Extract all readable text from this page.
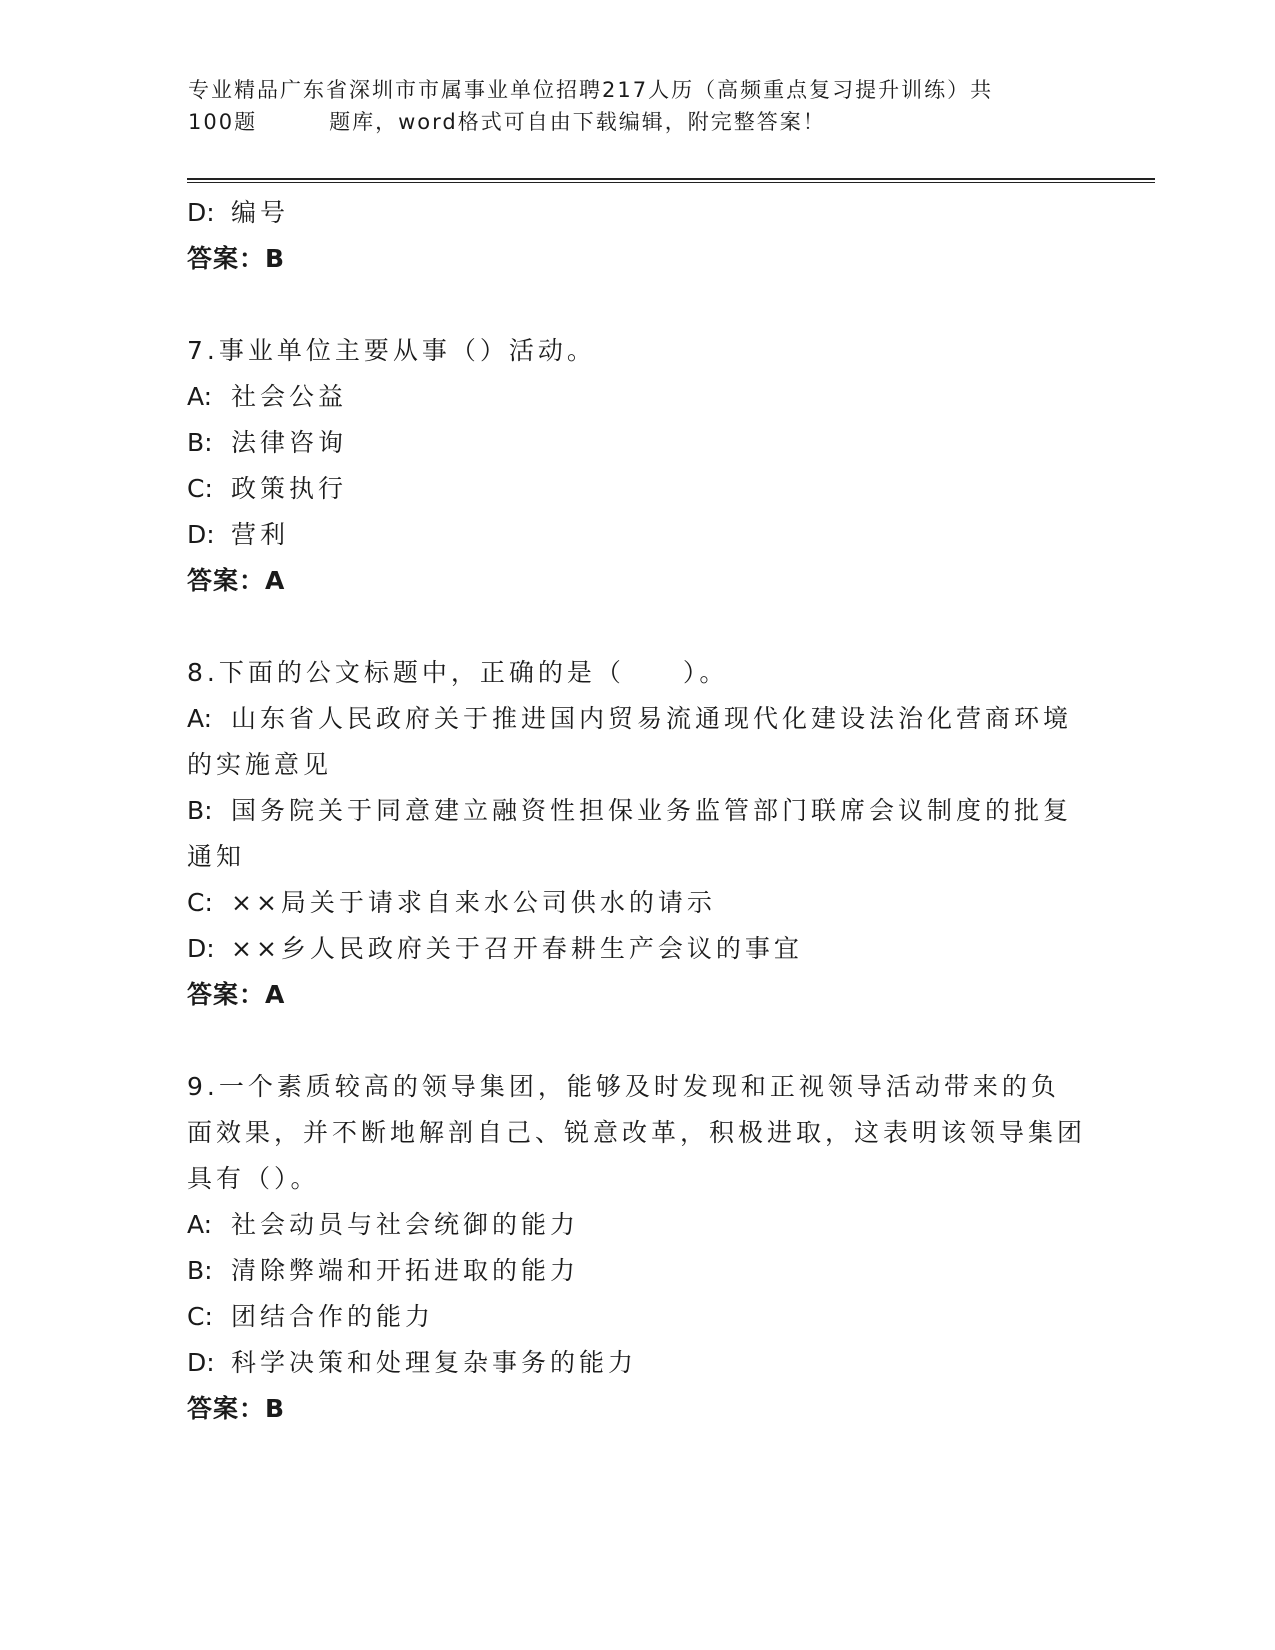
专业精品广东省深圳市市属事业单位招聘217人历（高频重点复习提升训练）共
100题	题库，word格式可自由下载编辑，附完整答案！
D: 编号
答案：B
7.事业单位主要从事（）活动。
A: 社会公益
B: 法律咨询
C: 政策执行
D: 营利
答案：A
8.下面的公文标题中，正确的是（　　）。
A: 山东省人民政府关于推进国内贸易流通现代化建设法治化营商环境的实施意见
B: 国务院关于同意建立融资性担保业务监管部门联席会议制度的批复通知
C: ××局关于请求自来水公司供水的请示
D: ××乡人民政府关于召开春耕生产会议的事宜
答案：A
9.一个素质较高的领导集团，能够及时发现和正视领导活动带来的负面效果，并不断地解剖自己、锐意改革，积极进取，这表明该领导集团具有（）。
A: 社会动员与社会统御的能力
B: 清除弊端和开拓进取的能力
C: 团结合作的能力
D: 科学决策和处理复杂事务的能力
答案：B
